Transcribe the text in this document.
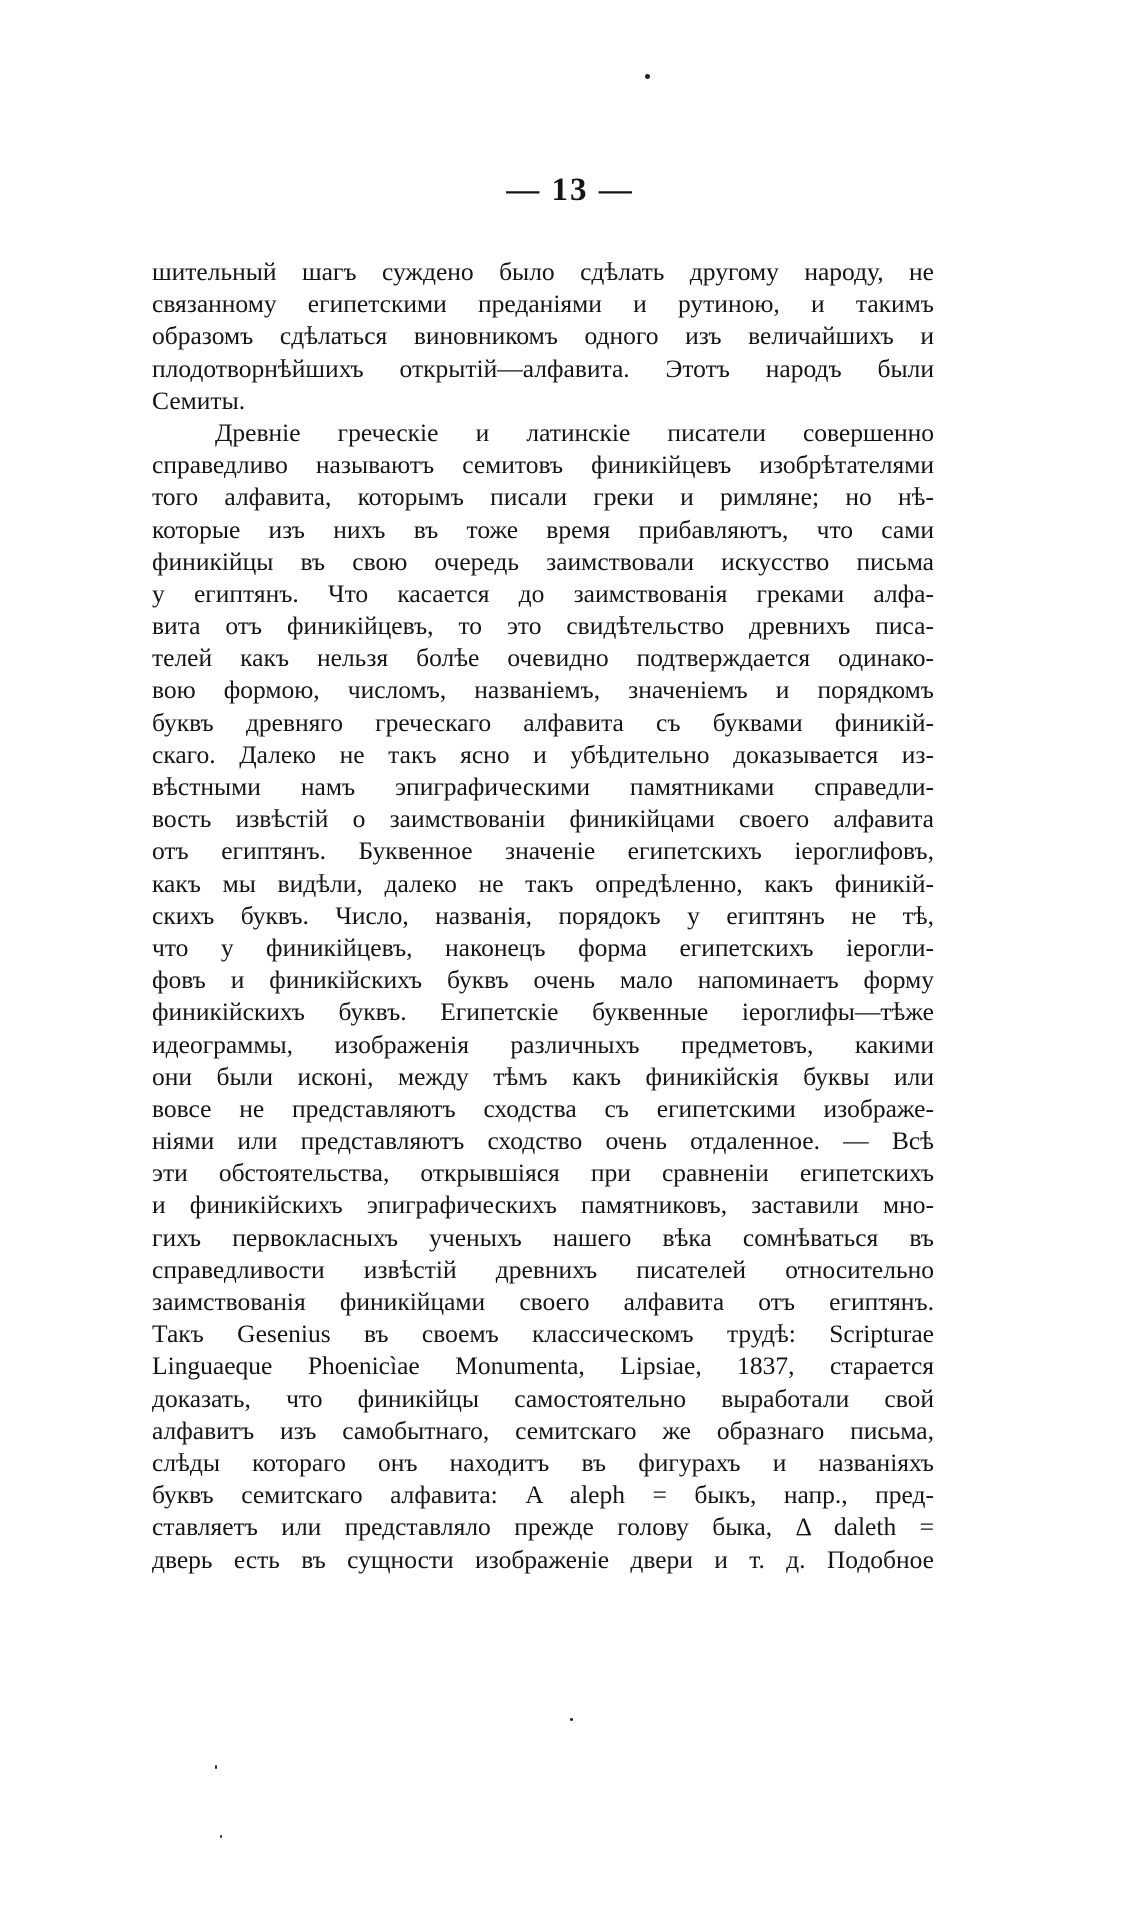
— 13 —
шительный шагъ суждено было сдѣлать другому народу, не
связанному египетскими преданіями и рутиною, и такимъ
образомъ сдѣлаться виновникомъ одного изъ величайшихъ и
плодотворнѣйшихъ открытій—алфавита. Этотъ народъ были
Семиты.
Древніе греческіе и латинскіе писатели совершенно
справедливо называютъ семитовъ финикійцевъ изобрѣтателями
того алфавита, которымъ писали греки и римляне; но нѣ-
которые изъ нихъ въ тоже время прибавляютъ, что сами
финикійцы въ свою очередь заимствовали искусство письма
у египтянъ. Что касается до заимствованія греками алфа-
вита отъ финикійцевъ, то это свидѣтельство древнихъ писа-
телей какъ нельзя болѣе очевидно подтверждается одинако-
вою формою, числомъ, названіемъ, значеніемъ и порядкомъ
буквъ древняго греческаго алфавита съ буквами финикій-
скаго. Далеко не такъ ясно и убѣдительно доказывается из-
вѣстными намъ эпиграфическими памятниками справедли-
вость извѣстій о заимствованіи финикійцами своего алфавита
отъ египтянъ. Буквенное значеніе египетскихъ іероглифовъ,
какъ мы видѣли, далеко не такъ опредѣленно, какъ финикій-
скихъ буквъ. Число, названія, порядокъ у египтянъ не тѣ,
что у финикійцевъ, наконецъ форма египетскихъ іерогли-
фовъ и финикійскихъ буквъ очень мало напоминаетъ форму
финикійскихъ буквъ. Египетскіе буквенные іероглифы—тѣже
идеограммы, изображенія различныхъ предметовъ, какими
они были исконі, между тѣмъ какъ финикійскія буквы или
вовсе не представляютъ сходства съ египетскими изображе-
ніями или представляютъ сходство очень отдаленное. — Всѣ
эти обстоятельства, открывшіяся при сравненіи египетскихъ
и финикійскихъ эпиграфическихъ памятниковъ, заставили мно-
гихъ первокласныхъ ученыхъ нашего вѣка сомнѣваться въ
справедливости извѣстій древнихъ писателей относительно
заимствованія финикійцами своего алфавита отъ египтянъ.
Такъ Gesenius въ своемъ классическомъ трудѣ: Scripturae
Linguaeque Phoenicìae Monumenta, Lipsiae, 1837, старается
доказать, что финикійцы самостоятельно выработали свой
алфавитъ изъ самобытнаго, семитскаго же образнаго письма,
слѣды котораго онъ находитъ въ фигурахъ и названіяхъ
буквъ семитскаго алфавита: A aleph = быкъ, напр., пред-
ставляетъ или представляло прежде голову быка, Δ daleth =
дверь есть въ сущности изображеніе двери и т. д. Подобное
